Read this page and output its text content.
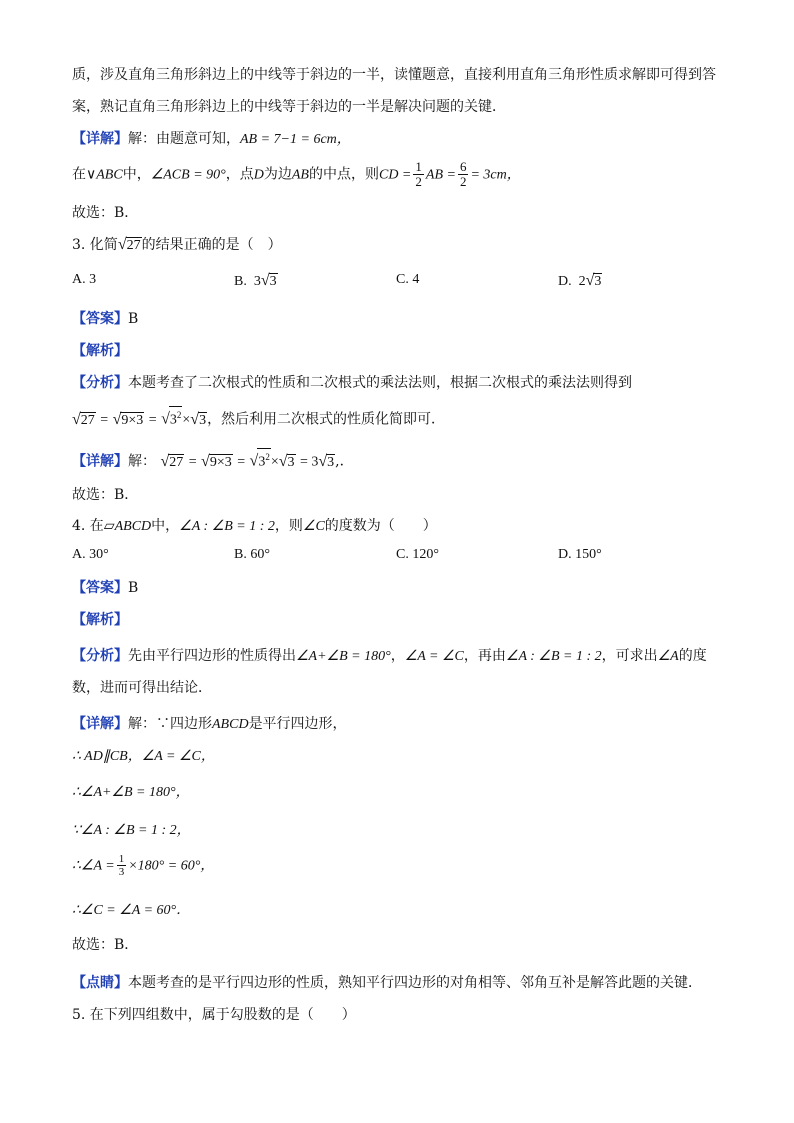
质，涉及直角三角形斜边上的中线等于斜边的一半，读懂题意，直接利用直角三角形性质求解即可得到答
案，熟记直角三角形斜边上的中线等于斜边的一半是解决问题的关键．
【详解】解：由题意可知，AB = 7−1 = 6cm，
在∨ABC中，∠ACB = 90°，点D为边AB的中点，则CD = $\frac{1}{2}$ AB = $\frac{6}{2} = 3cm$，
故选：B．
3. 化简√27的结果正确的是（　）
A. 3	B. 3√3	C. 4	D. 2√3
【答案】B
【解析】
【分析】本题考查了二次根式的性质和二次根式的乘法法则，根据二次根式的乘法法则得到
$√27 = √9\times 3 = √3^2\times√3$，然后利用二次根式的性质化简即可．
【详解】解： $√27 = √9\times 3 = √3^2\times√3 = 3√3$,．
故选：B．
4. 在▱ABCD中，∠A : ∠B = 1 : 2，则∠C的度数为（　　）
A. 30°	B. 60°	C. 120°	D. 150°
【答案】B
【解析】
【分析】先由平行四边形的性质得出∠A+∠B = 180°，∠A = ∠C，再由∠A : ∠B = 1 : 2，可求出∠A的度
数，进而可得出结论．
【详解】解：∵四边形ABCD是平行四边形，
∴ AD∥CB，∠A = ∠C，
∴∠A+∠B = 180°，
∵∠A : ∠B = 1 : 2，
∴∠A = $\frac{1}{3} \times 180^\circ = 60^\circ$，
∴∠C = ∠A = 60°．
故选：B．
【点睛】本题考查的是平行四边形的性质，熟知平行四边形的对角相等、邻角互补是解答此题的关键．
5. 在下列四组数中，属于勾股数的是（　　）
